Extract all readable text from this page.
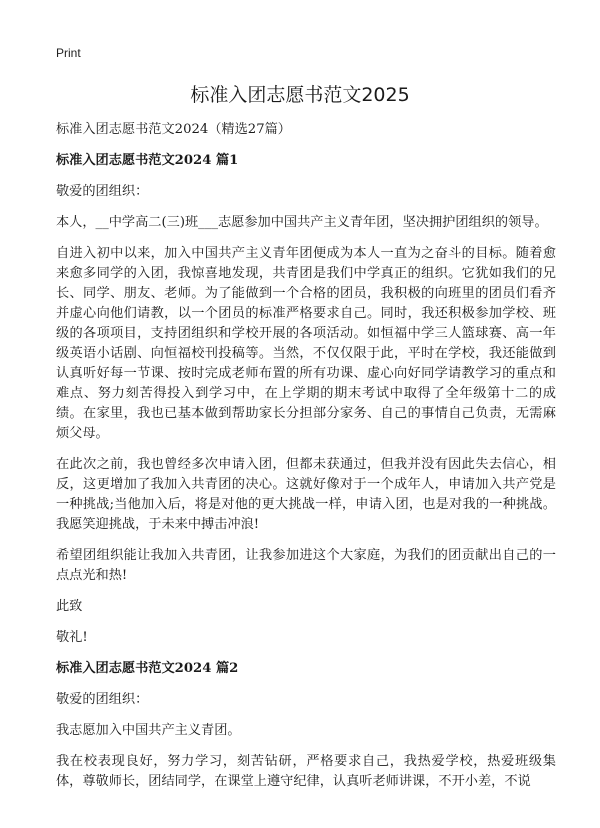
Print
标准入团志愿书范文2025

标准入团志愿书范文2024（精选27篇）

标准入团志愿书范文2024 篇1

敬爱的团组织：

本人，__中学高二(三)班___志愿参加中国共产主义青年团，坚决拥护团组织的领导。

自进入初中以来，加入中国共产主义青年团便成为本人一直为之奋斗的目标。随着愈来愈多同学的入团，我惊喜地发现，共青团是我们中学真正的组织。它犹如我们的兄长、同学、朋友、老师。为了能做到一个合格的团员，我积极的向班里的团员们看齐并虚心向他们请教，以一个团员的标准严格要求自己。同时，我还积极参加学校、班级的各项项目，支持团组织和学校开展的各项活动。如恒福中学三人篮球赛、高一年级英语小话剧、向恒福校刊投稿等。当然，不仅仅限于此，平时在学校，我还能做到认真听好每一节课、按时完成老师布置的所有功课、虚心向好同学请教学习的重点和难点、努力刻苦得投入到学习中，在上学期的期末考试中取得了全年级第十二的成绩。在家里，我也已基本做到帮助家长分担部分家务、自己的事情自己负责，无需麻烦父母。

在此次之前，我也曾经多次申请入团，但都未获通过，但我并没有因此失去信心，相反，这更增加了我加入共青团的决心。这就好像对于一个成年人，申请加入共产党是一种挑战;当他加入后，将是对他的更大挑战一样，申请入团，也是对我的一种挑战。我愿笑迎挑战，于未来中搏击冲浪!

希望团组织能让我加入共青团，让我参加进这个大家庭，为我们的团贡献出自己的一点点光和热!

此致

敬礼!

标准入团志愿书范文2024 篇2

敬爱的团组织：

我志愿加入中国共产主义青团。

我在校表现良好，努力学习，刻苦钻研，严格要求自己，我热爱学校，热爱班级集体，尊敬师长，团结同学，在课堂上遵守纪律，认真听老师讲课，不开小差，不说
